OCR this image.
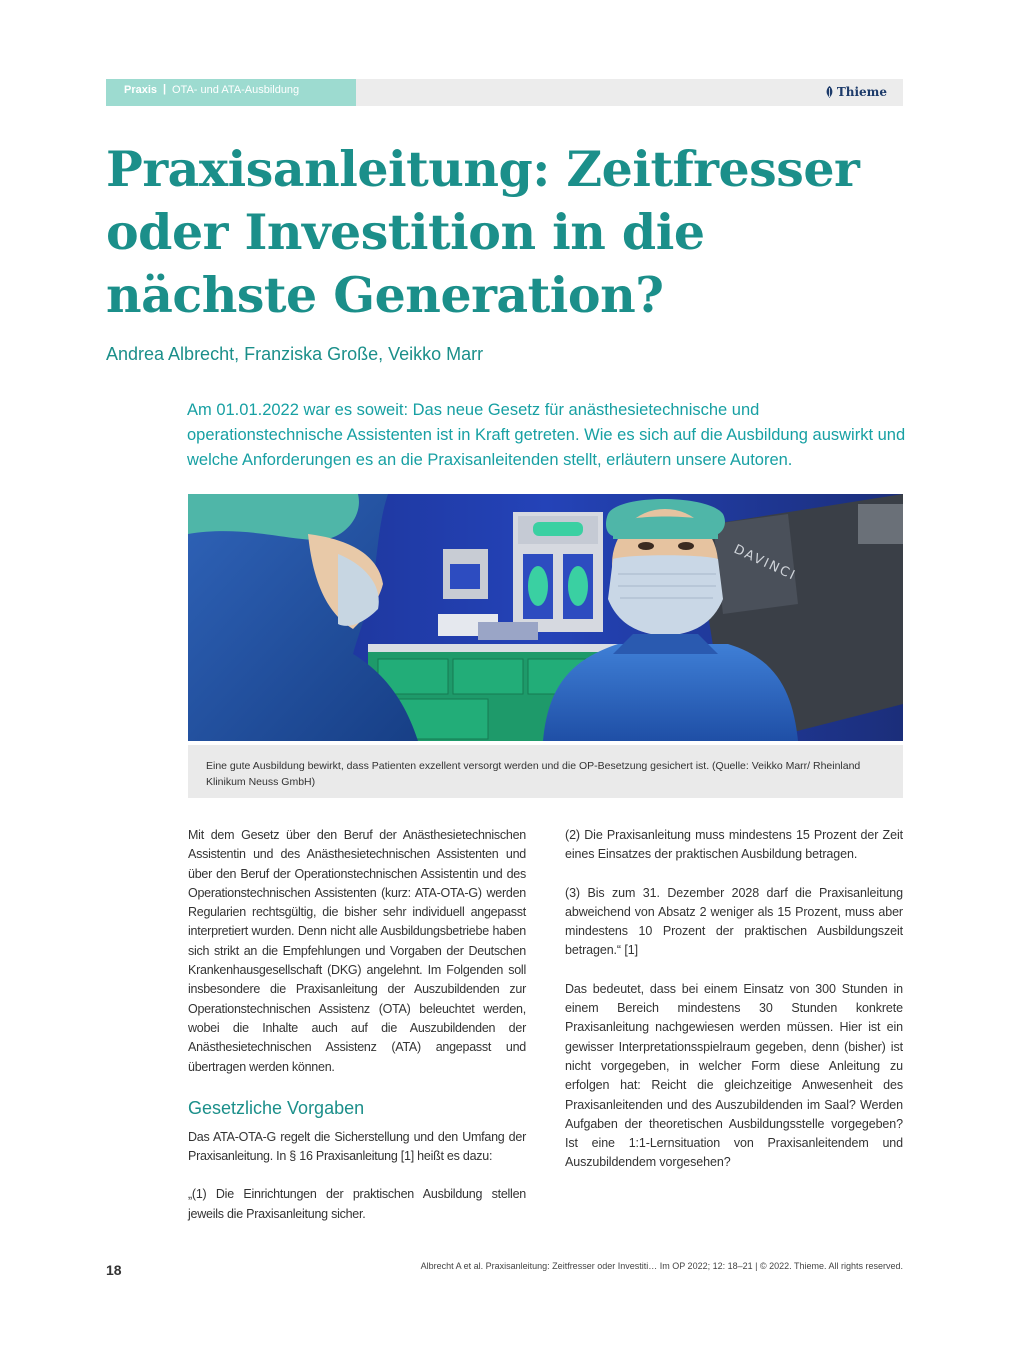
Praxis | OTA- und ATA-Ausbildung	Thieme
Praxisanleitung: Zeitfresser oder Investition in die nächste Generation?
Andrea Albrecht, Franziska Große, Veikko Marr

Am 01.01.2022 war es soweit: Das neue Gesetz für anästhesietechnische und operationstechnische Assistenten ist in Kraft getreten. Wie es sich auf die Ausbildung auswirkt und welche Anforderungen es an die Praxisanleitenden stellt, erläutern unsere Autoren.

DAVINCI
Eine gute Ausbildung bewirkt, dass Patienten exzellent versorgt werden und die OP-Besetzung gesichert ist. (Quelle: Veikko Marr/ Rheinland Klinikum Neuss GmbH)

Mit dem Gesetz über den Beruf der Anästhesietechnischen Assistentin und des Anästhesietechnischen Assistenten und über den Beruf der Operationstechnischen Assistentin und des Operationstechnischen Assistenten (kurz: ATA-OTA-G) werden Regularien rechtsgültig, die bisher sehr individuell angepasst interpretiert wurden. Denn nicht alle Ausbildungsbetriebe haben sich strikt an die Empfehlungen und Vorgaben der Deutschen Krankenhausgesellschaft (DKG) angelehnt. Im Folgenden soll insbesondere die Praxisanleitung der Auszubildenden zur Operationstechnischen Assistenz (OTA) beleuchtet werden, wobei die Inhalte auch auf die Auszubildenden der Anästhesietechnischen Assistenz (ATA) angepasst und übertragen werden können.

Gesetzliche Vorgaben

Das ATA-OTA-G regelt die Sicherstellung und den Umfang der Praxisanleitung. In § 16 Praxisanleitung [1] heißt es dazu:

„(1) Die Einrichtungen der praktischen Ausbildung stellen jeweils die Praxisanleitung sicher.

(2) Die Praxisanleitung muss mindestens 15 Prozent der Zeit eines Einsatzes der praktischen Ausbildung betragen.

(3) Bis zum 31. Dezember 2028 darf die Praxisanleitung abweichend von Absatz 2 weniger als 15 Prozent, muss aber mindestens 10 Prozent der praktischen Ausbildungszeit betragen.“ [1]

Das bedeutet, dass bei einem Einsatz von 300 Stunden in einem Bereich mindestens 30 Stunden konkrete Praxisanleitung nachgewiesen werden müssen. Hier ist ein gewisser Interpretationsspielraum gegeben, denn (bisher) ist nicht vorgegeben, in welcher Form diese Anleitung zu erfolgen hat: Reicht die gleichzeitige Anwesenheit des Praxisanleitenden und des Auszubildenden im Saal? Werden Aufgaben der theoretischen Ausbildungsstelle vorgegeben? Ist eine 1:1-Lernsituation von Praxisanleitendem und Auszubildendem vorgesehen?

18	Albrecht A et al. Praxisanleitung: Zeitfresser oder Investiti… Im OP 2022; 12: 18–21 | © 2022. Thieme. All rights reserved.
